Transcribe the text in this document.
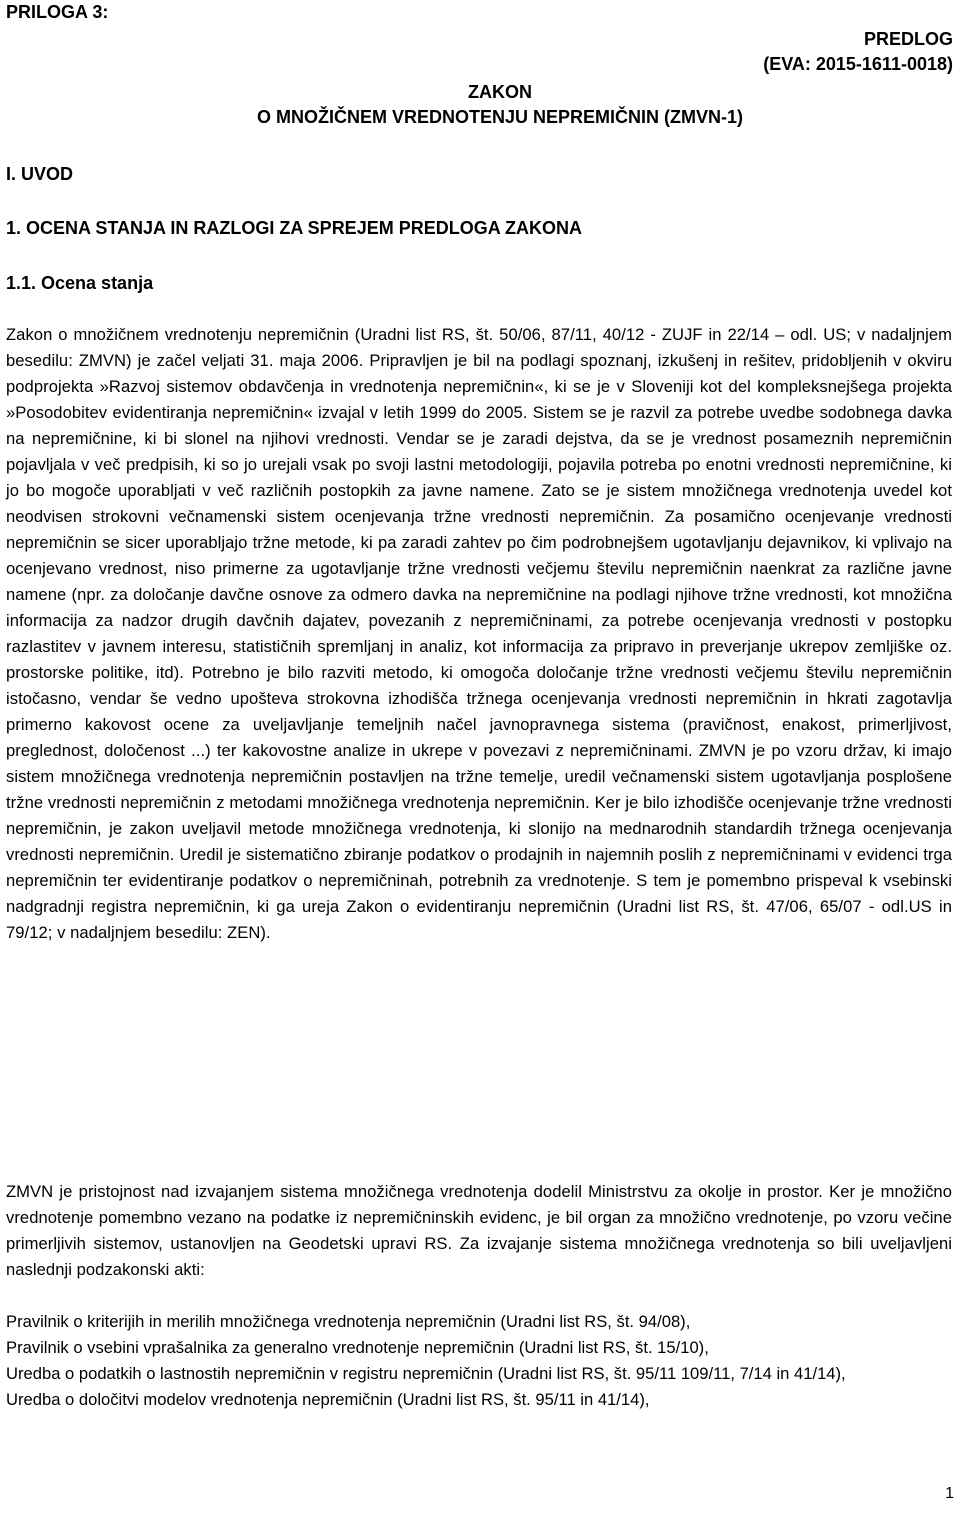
PRILOGA 3:
PREDLOG
(EVA: 2015-1611-0018)
ZAKON
O MNOŽIČNEM VREDNOTENJU NEPREMIČNIN (ZMVN-1)
I. UVOD
1. OCENA STANJA IN RAZLOGI ZA SPREJEM PREDLOGA ZAKONA
1.1. Ocena stanja
Zakon o množičnem vrednotenju nepremičnin (Uradni list RS, št. 50/06, 87/11, 40/12 - ZUJF in 22/14 – odl. US; v nadaljnjem besedilu: ZMVN) je začel veljati 31. maja 2006. Pripravljen je bil na podlagi spoznanj, izkušenj in rešitev, pridobljenih v okviru podprojekta »Razvoj sistemov obdavčenja in vrednotenja nepremičnin«, ki se je v Sloveniji kot del kompleksnejšega projekta »Posodobitev evidentiranja nepremičnin« izvajal v letih 1999 do 2005. Sistem se je razvil za potrebe uvedbe sodobnega davka na nepremičnine, ki bi slonel na njihovi vrednosti. Vendar se je zaradi dejstva, da se je vrednost posameznih nepremičnin pojavljala v več predpisih, ki so jo urejali vsak po svoji lastni metodologiji, pojavila potreba po enotni vrednosti nepremičnine, ki jo bo mogoče uporabljati v več različnih postopkih za javne namene. Zato se je sistem množičnega vrednotenja uvedel kot neodvisen strokovni večnamenski sistem ocenjevanja tržne vrednosti nepremičnin. Za posamično ocenjevanje vrednosti nepremičnin se sicer uporabljajo tržne metode, ki pa zaradi zahtev po čim podrobnejšem ugotavljanju dejavnikov, ki vplivajo na ocenjevano vrednost, niso primerne za ugotavljanje tržne vrednosti večjemu številu nepremičnin naenkrat za različne javne namene (npr. za določanje davčne osnove za odmero davka na nepremičnine na podlagi njihove tržne vrednosti, kot množična informacija za nadzor drugih davčnih dajatev, povezanih z nepremičninami, za potrebe ocenjevanja vrednosti v postopku razlastitev v javnem interesu, statističnih spremljanj in analiz, kot informacija za pripravo in preverjanje ukrepov zemljiške oz. prostorske politike, itd). Potrebno je bilo razviti metodo, ki omogoča določanje tržne vrednosti večjemu številu nepremičnin istočasno, vendar še vedno upošteva strokovna izhodišča tržnega ocenjevanja vrednosti nepremičnin in hkrati zagotavlja primerno kakovost ocene za uveljavljanje temeljnih načel javnopravnega sistema (pravičnost, enakost, primerljivost, preglednost, določenost ...) ter kakovostne analize in ukrepe v povezavi z nepremičninami. ZMVN je po vzoru držav, ki imajo sistem množičnega vrednotenja nepremičnin postavljen na tržne temelje, uredil večnamenski sistem ugotavljanja posplošene tržne vrednosti nepremičnin z metodami množičnega vrednotenja nepremičnin. Ker je bilo izhodišče ocenjevanje tržne vrednosti nepremičnin, je zakon uveljavil metode množičnega vrednotenja, ki slonijo na mednarodnih standardih tržnega ocenjevanja vrednosti nepremičnin. Uredil je sistematično zbiranje podatkov o prodajnih in najemnih poslih z nepremičninami v evidenci trga nepremičnin ter evidentiranje podatkov o nepremičninah, potrebnih za vrednotenje. S tem je pomembno prispeval k vsebinski nadgradnji registra nepremičnin, ki ga ureja Zakon o evidentiranju nepremičnin (Uradni list RS, št. 47/06, 65/07 - odl.US in 79/12; v nadaljnjem besedilu: ZEN).
ZMVN je pristojnost nad izvajanjem sistema množičnega vrednotenja dodelil Ministrstvu za okolje in prostor. Ker je množično vrednotenje pomembno vezano na podatke iz nepremičninskih evidenc, je bil organ za množično vrednotenje, po vzoru večine primerljivih sistemov, ustanovljen na Geodetski upravi RS. Za izvajanje sistema množičnega vrednotenja so bili uveljavljeni naslednji podzakonski akti:
Pravilnik o kriterijih in merilih množičnega vrednotenja nepremičnin (Uradni list RS, št. 94/08),
Pravilnik o vsebini vprašalnika za generalno vrednotenje nepremičnin (Uradni list RS, št. 15/10),
Uredba o podatkih o lastnostih nepremičnin v registru nepremičnin (Uradni list RS, št. 95/11 109/11, 7/14 in 41/14),
Uredba o določitvi modelov vrednotenja nepremičnin (Uradni list RS, št. 95/11 in 41/14),
1
